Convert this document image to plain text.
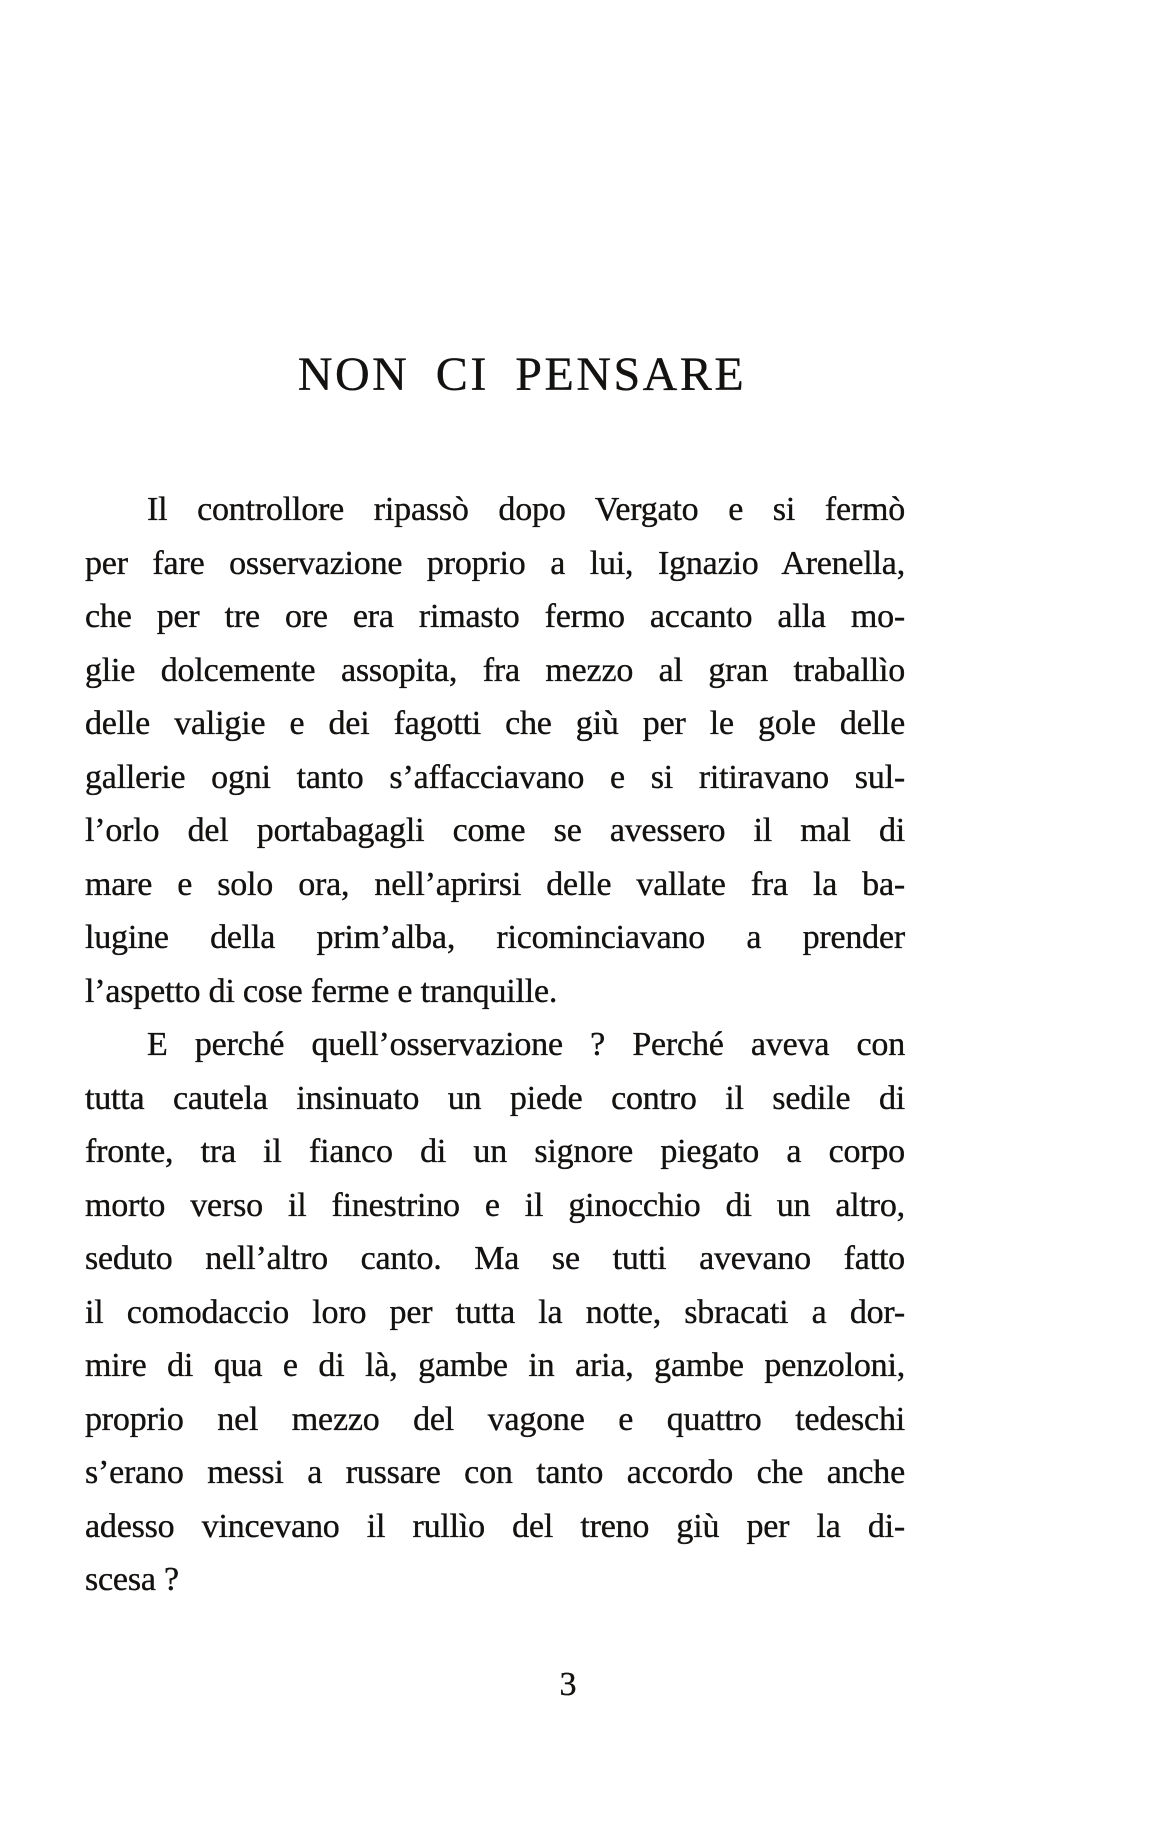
NON CI PENSARE
Il controllore ripassò dopo Vergato e si fermò
per fare osservazione proprio a lui, Ignazio Arenella,
che per tre ore era rimasto fermo accanto alla mo-
glie dolcemente assopita, fra mezzo al gran traballìo
delle valigie e dei fagotti che giù per le gole delle
gallerie ogni tanto s’affacciavano e si ritiravano sul-
l’orlo del portabagagli come se avessero il mal di
mare e solo ora, nell’aprirsi delle vallate fra la ba-
lugine della prim’alba, ricominciavano a prender
l’aspetto di cose ferme e tranquille.
E perché quell’osservazione ? Perché aveva con
tutta cautela insinuato un piede contro il sedile di
fronte, tra il fianco di un signore piegato a corpo
morto verso il finestrino e il ginocchio di un altro,
seduto nell’altro canto. Ma se tutti avevano fatto
il comodaccio loro per tutta la notte, sbracati a dor-
mire di qua e di là, gambe in aria, gambe penzoloni,
proprio nel mezzo del vagone e quattro tedeschi
s’erano messi a russare con tanto accordo che anche
adesso vincevano il rullìo del treno giù per la di-
scesa ?
3
